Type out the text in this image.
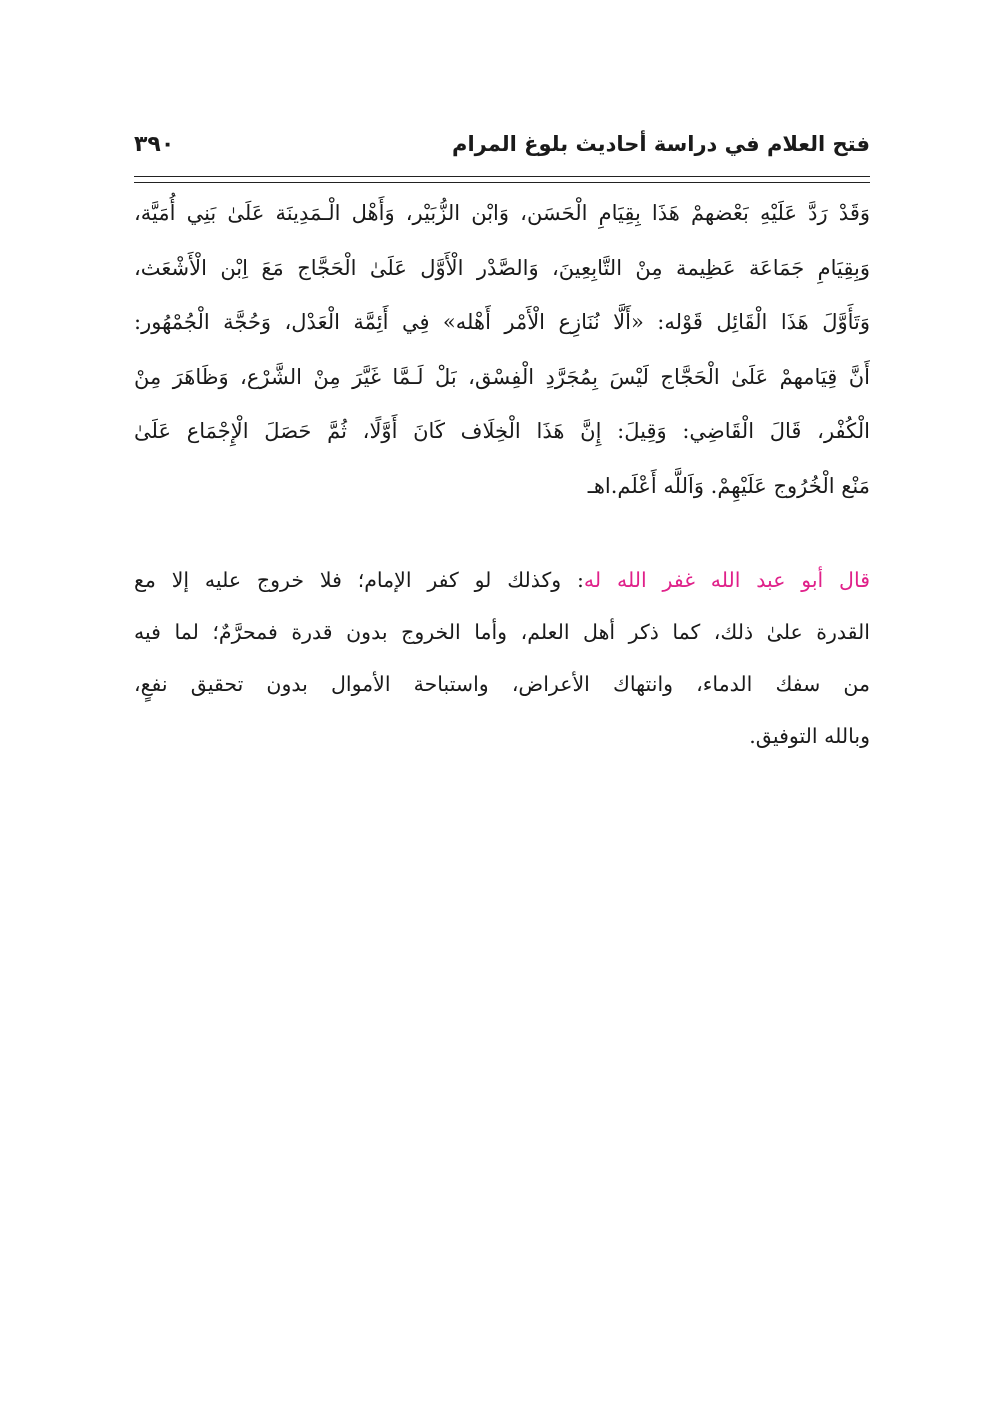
فتح العلام في دراسة أحاديث بلوغ المرام
٣٩٠
وَقَدْ رَدَّ عَلَيْهِ بَعْضهمْ هَذَا بِقِيَامِ الْحَسَن، وَابْن الزُّبَيْر، وَأَهْل الْـمَدِينَة عَلَىٰ بَنِي أُمَيَّة،
وَبِقِيَامِ جَمَاعَة عَظِيمة مِنْ التَّابِعِينَ، وَالصَّدْر الْأَوَّل عَلَىٰ الْحَجَّاج مَعَ اِبْن الْأَشْعَث،
وَتَأَوَّلَ هَذَا الْقَائِل قَوْله: «أَلَّا نُنَازِع الْأَمْر أَهْله» فِي أَئِمَّة الْعَدْل، وَحُجَّة الْجُمْهُور:
أَنَّ قِيَامهمْ عَلَىٰ الْحَجَّاج لَيْسَ بِمُجَرَّدِ الْفِسْق، بَلْ لَـمَّا غَيَّرَ مِنْ الشَّرْع، وَظَاهَرَ مِنْ
الْكُفْر، قَالَ الْقَاضِي: وَقِيلَ: إِنَّ هَذَا الْخِلَاف كَانَ أَوَّلًا، ثُمَّ حَصَلَ الْإِجْمَاع عَلَىٰ
مَنْع الْخُرُوج عَلَيْهِمْ. وَاَللَّه أَعْلَم.اهـ
قال أبو عبد الله غفر الله له: وكذلك لو كفر الإمام؛ فلا خروج عليه إلا مع
القدرة علىٰ ذلك، كما ذكر أهل العلم، وأما الخروج بدون قدرة فمحرَّمٌ؛ لما فيه
من سفك الدماء، وانتهاك الأعراض، واستباحة الأموال بدون تحقيق نفعٍ،
وبالله التوفيق.
